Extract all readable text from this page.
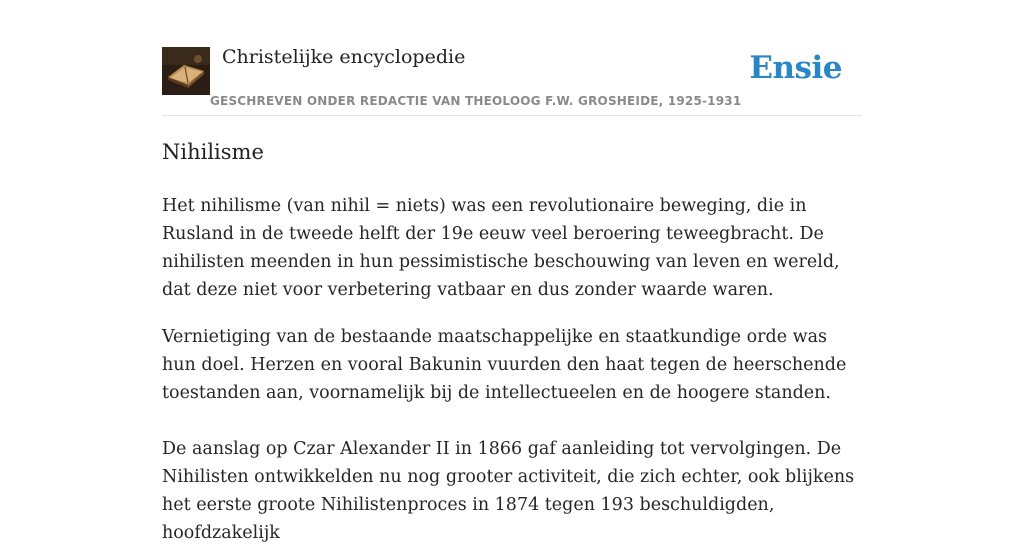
Christelijke encyclopedie
GESCHREVEN ONDER REDACTIE VAN THEOLOOG F.W. GROSHEIDE, 1925-1931
Ensie
Nihilisme

Het nihilisme (van nihil = niets) was een revolutionaire beweging, die in Rusland in de tweede helft der 19e eeuw veel beroering teweegbracht. De nihilisten meenden in hun pessimistische beschouwing van leven en wereld, dat deze niet voor verbetering vatbaar en dus zonder waarde waren.

Vernietiging van de bestaande maatschappelijke en staatkundige orde was hun doel. Herzen en vooral Bakunin vuurden den haat tegen de heerschende toestanden aan, voornamelijk bij de intellectueelen en de hoogere standen.

De aanslag op Czar Alexander II in 1866 gaf aanleiding tot vervolgingen. De Nihilisten ontwikkelden nu nog grooter activiteit, die zich echter, ook blijkens het eerste groote Nihilistenproces in 1874 tegen 193 beschuldigden, hoofdzakelijk
